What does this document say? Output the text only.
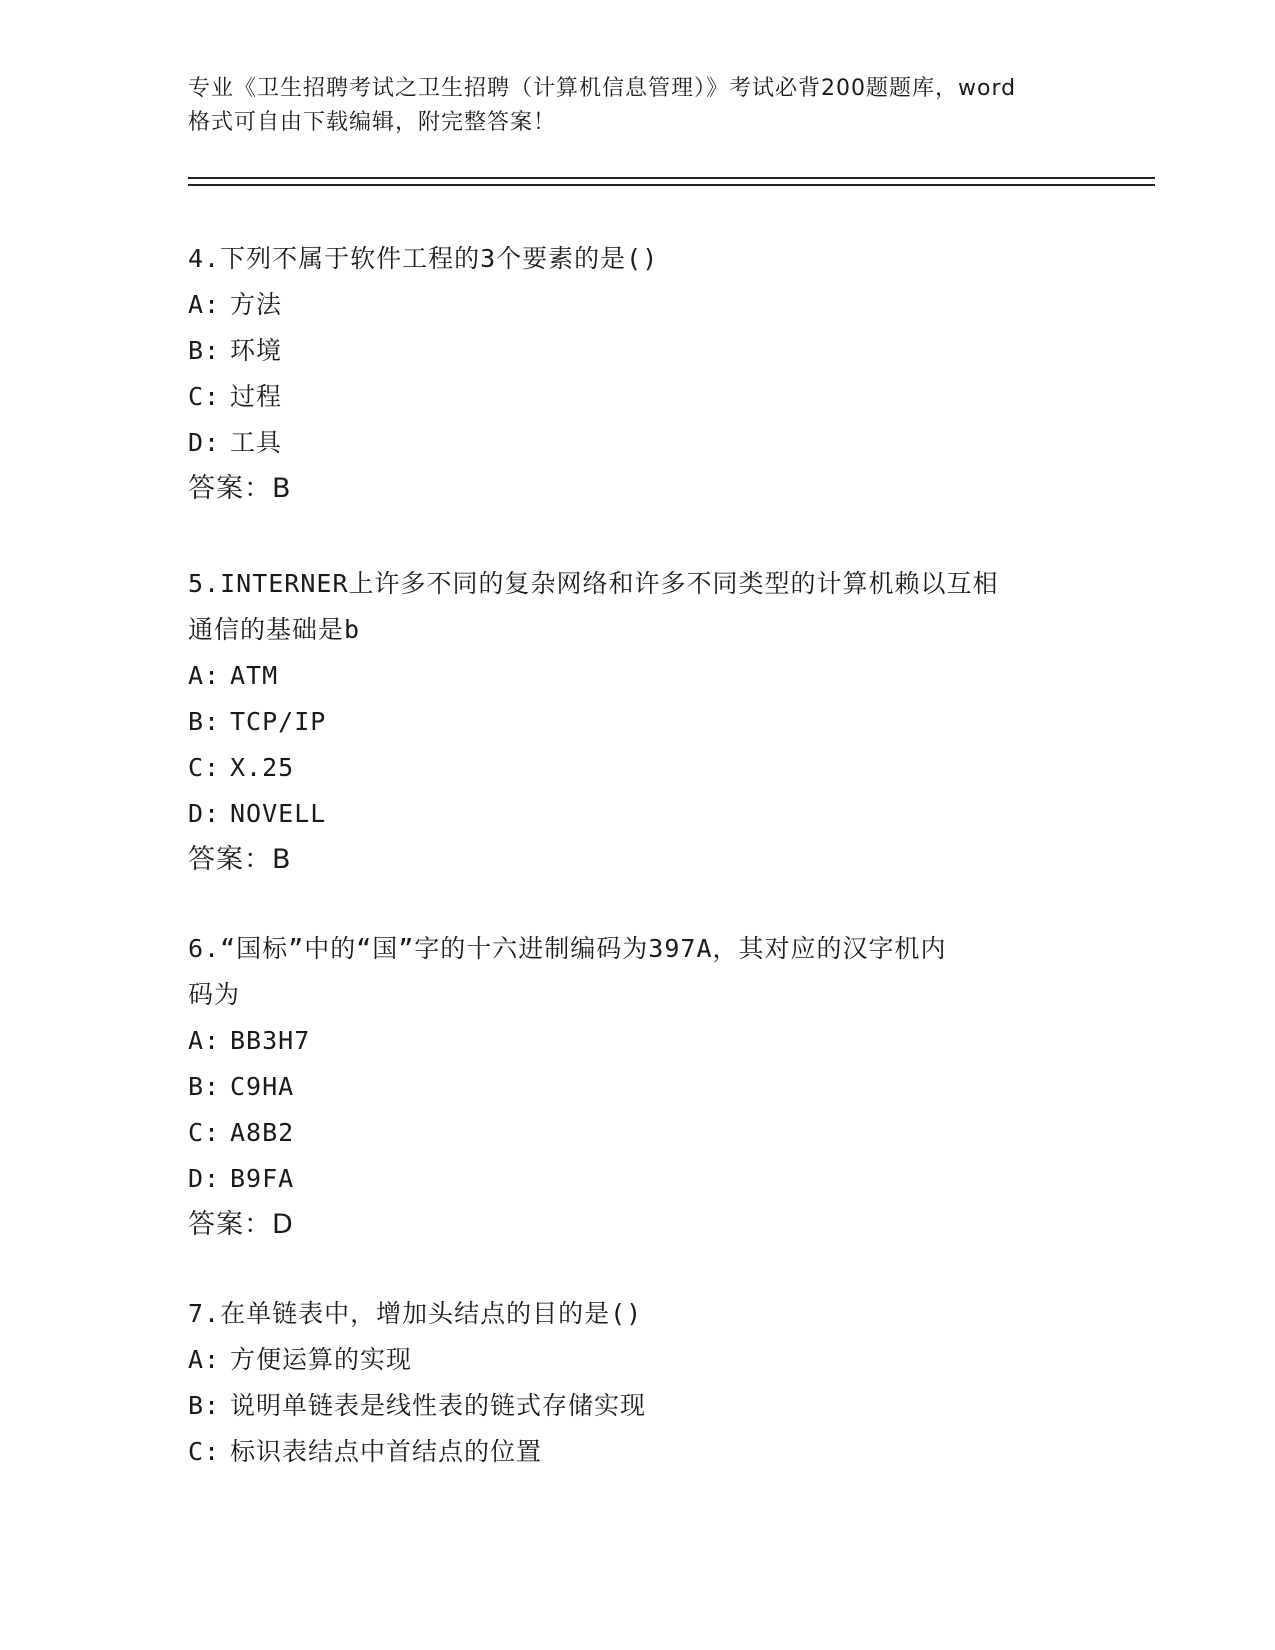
专业《卫生招聘考试之卫生招聘（计算机信息管理）》考试必背200题题库，word
格式可自由下载编辑，附完整答案！
4.下列不属于软件工程的3个要素的是()
A: 方法
B: 环境
C: 过程
D: 工具
答案：B
5.INTERNER上许多不同的复杂网络和许多不同类型的计算机赖以互相
通信的基础是b
A: ATM
B: TCP/IP
C: X.25
D: NOVELL
答案：B
6.“国标”中的“国”字的十六进制编码为397A，其对应的汉字机内
码为
A: BB3H7
B: C9HA
C: A8B2
D: B9FA
答案：D
7.在单链表中，增加头结点的目的是()
A: 方便运算的实现
B: 说明单链表是线性表的链式存储实现
C: 标识表结点中首结点的位置
